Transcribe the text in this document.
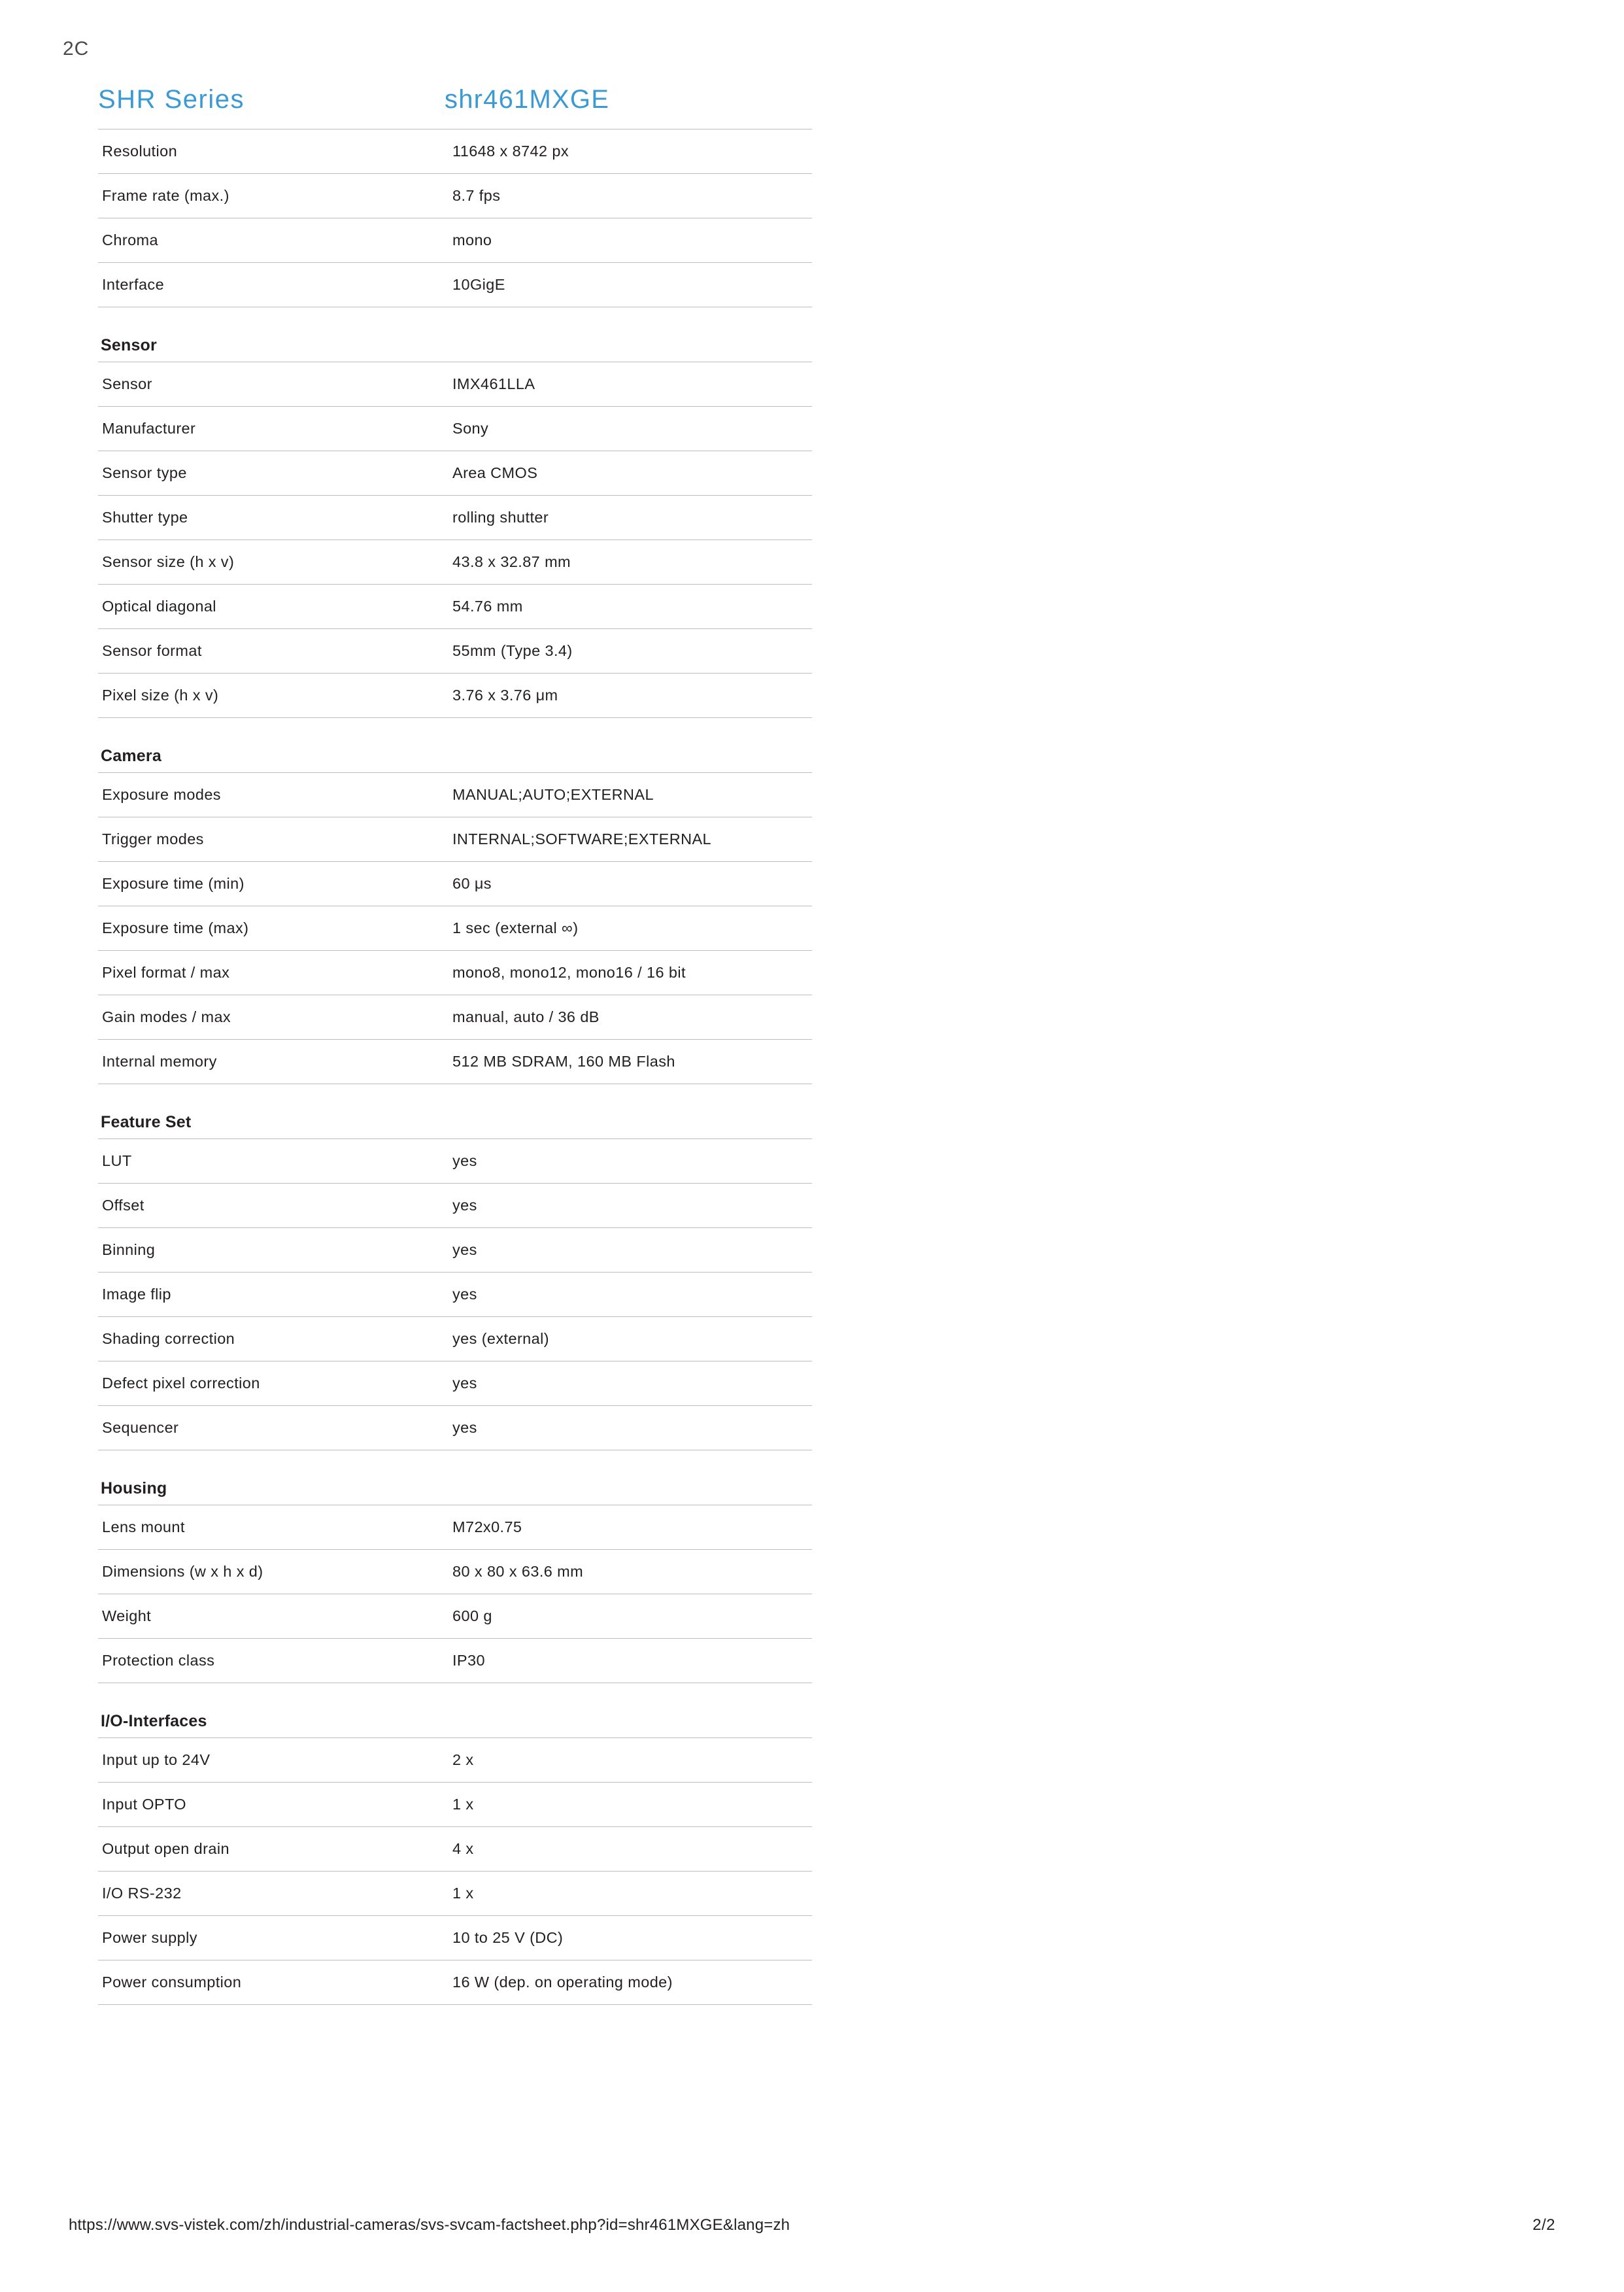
2C
SHR Series	shr461MXGE
Resolution	11648 x 8742 px
Frame rate (max.)	8.7 fps
Chroma	mono
Interface	10GigE
Sensor
Sensor	IMX461LLA
Manufacturer	Sony
Sensor type	Area CMOS
Shutter type	rolling shutter
Sensor size (h x v)	43.8 x 32.87 mm
Optical diagonal	54.76 mm
Sensor format	55mm (Type 3.4)
Pixel size (h x v)	3.76 x 3.76 μm
Camera
Exposure modes	MANUAL;AUTO;EXTERNAL
Trigger modes	INTERNAL;SOFTWARE;EXTERNAL
Exposure time (min)	60 μs
Exposure time (max)	1 sec (external ∞)
Pixel format / max	mono8, mono12, mono16 / 16 bit
Gain modes / max	manual, auto / 36 dB
Internal memory	512 MB SDRAM, 160 MB Flash
Feature Set
LUT	yes
Offset	yes
Binning	yes
Image flip	yes
Shading correction	yes (external)
Defect pixel correction	yes
Sequencer	yes
Housing
Lens mount	M72x0.75
Dimensions (w x h x d)	80 x 80 x 63.6 mm
Weight	600 g
Protection class	IP30
I/O-Interfaces
Input up to 24V	2 x
Input OPTO	1 x
Output open drain	4 x
I/O RS-232	1 x
Power supply	10 to 25 V (DC)
Power consumption	16 W (dep. on operating mode)
https://www.svs-vistek.com/zh/industrial-cameras/svs-svcam-factsheet.php?id=shr461MXGE&lang=zh	2/2
